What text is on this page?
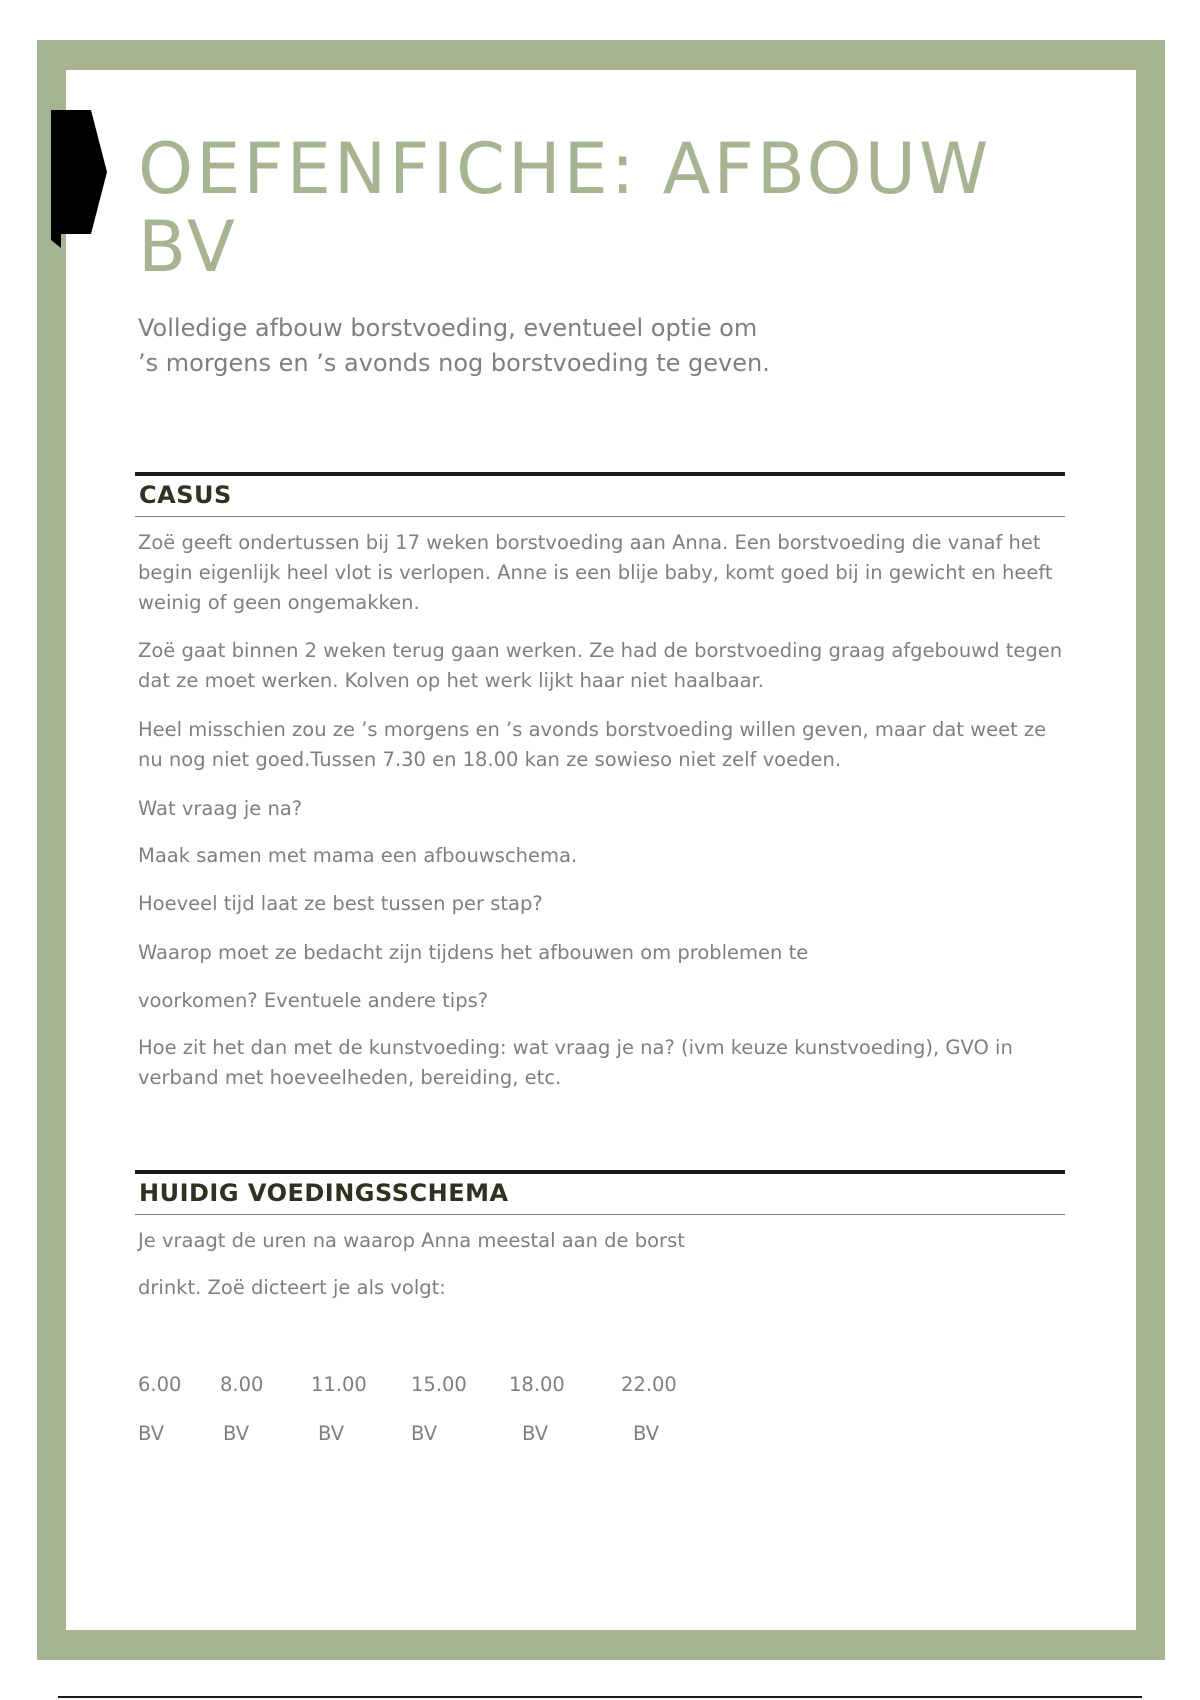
OEFENFICHE: AFBOUW BV

Volledige afbouw borstvoeding, eventueel optie om ’s morgens en ’s avonds nog borstvoeding te geven.

CASUS

Zoë geeft ondertussen bij 17 weken borstvoeding aan Anna. Een borstvoeding die vanaf het begin eigenlijk heel vlot is verlopen. Anne is een blije baby, komt goed bij in gewicht en heeft weinig of geen ongemakken.

Zoë gaat binnen 2 weken terug gaan werken. Ze had de borstvoeding graag afgebouwd tegen dat ze moet werken. Kolven op het werk lijkt haar niet haalbaar.

Heel misschien zou ze ’s morgens en ’s avonds borstvoeding willen geven, maar dat weet ze nu nog niet goed.Tussen 7.30 en 18.00 kan ze sowieso niet zelf voeden.

Wat vraag je na?

Maak samen met mama een afbouwschema.

Hoeveel tijd laat ze best tussen per stap?

Waarop moet ze bedacht zijn tijdens het afbouwen om problemen te

voorkomen? Eventuele andere tips?

Hoe zit het dan met de kunstvoeding: wat vraag je na? (ivm keuze kunstvoeding), GVO in verband met hoeveelheden, bereiding, etc.

HUIDIG VOEDINGSSCHEMA

Je vraagt de uren na waarop Anna meestal aan de borst

drinkt. Zoë dicteert je als volgt:

6.00 8.00 11.00 15.00 18.00	22.00
BV	BV	BV	BV	BV	BV
